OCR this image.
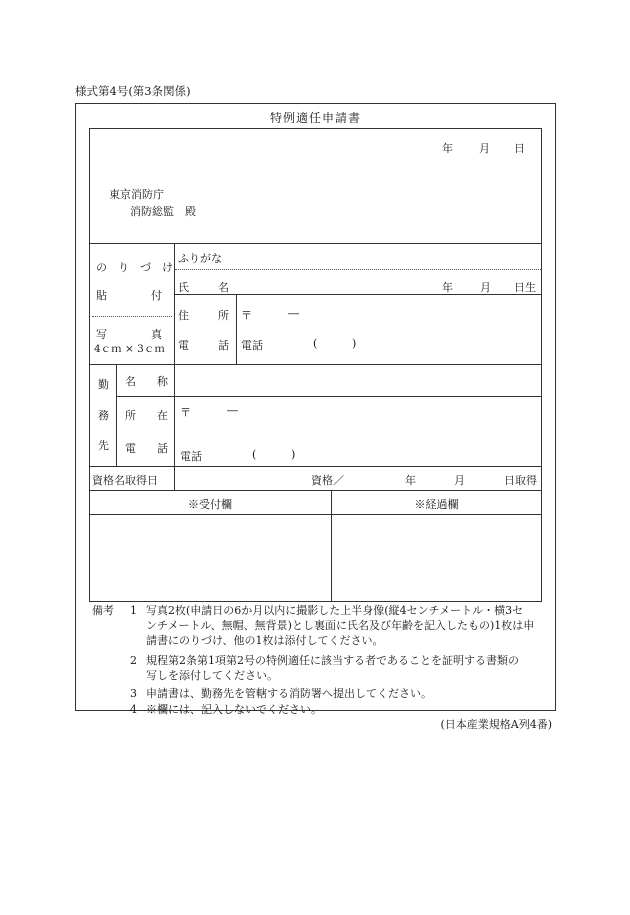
様式第4号(第3条関係)
特例適任申請書
年 月 日
東京消防庁
消防総監　殿
の　り　づ　け
貼　　　　付
写　　　　真
4ｃｍ × 3ｃｍ
ふりがな
氏	名	年 月 日生
住	所 〒	―
電	話 電話	(	)
勤
務
先
名 称
所 在 〒	―
電 話
電話	(	)
資格名取得日	資格／	年	月	日取得
※受付欄	※経過欄
備考 1 写真2枚(申請日の6か月以内に撮影した上半身像(縦4センチメートル・横3セ
ンチメートル、無帽、無背景)とし裏面に氏名及び年齢を記入したもの)1枚は申
請書にのりづけ、他の1枚は添付してください。
2 規程第2条第1項第2号の特例適任に該当する者であることを証明する書類の
写しを添付してください。
3 申請書は、勤務先を管轄する消防署へ提出してください。
4 ※欄には、記入しないでください。
(日本産業規格A列4番)
